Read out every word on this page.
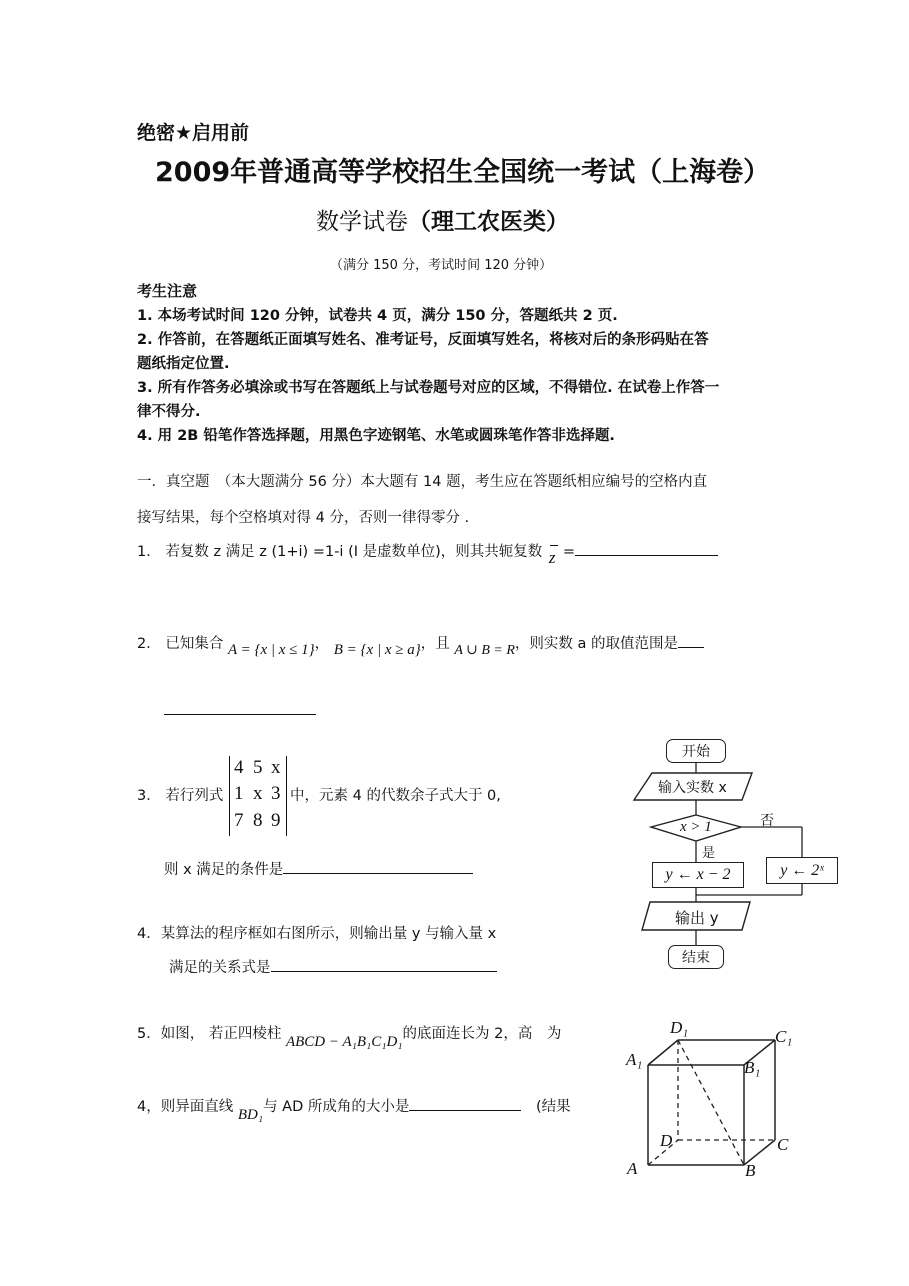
绝密★启用前
2009年普通高等学校招生全国统一考试（上海卷）
数学试卷（理工农医类）
（满分 150 分，考试时间 120 分钟）
考生注意
1. 本场考试时间 120 分钟，试卷共 4 页，满分 150 分，答题纸共 2 页.
2. 作答前，在答题纸正面填写姓名、准考证号，反面填写姓名，将核对后的条形码贴在答
题纸指定位置.
3. 所有作答务必填涂或书写在答题纸上与试卷题号对应的区域，不得错位. 在试卷上作答一
律不得分.
4. 用 2B 铅笔作答选择题，用黑色字迹钢笔、水笔或圆珠笔作答非选择题.
一．真空题　（本大题满分 56 分）本大题有 14 题，考生应在答题纸相应编号的空格内直
接写结果，每个空格填对得 4 分，否则一律得零分 .
1． 若复数 z 满足 z (1+i) =1-i (I 是虚数单位)，则其共轭复数 z =
2． 已知集合 A = {x | x ≤ 1}， B = {x | x ≥ a}，且 A ∪ B = R，则实数 a 的取值范围是
3． 若行列式
4 5 x
1 x 3
7 8 9
中，元素 4 的代数余子式大于 0,
则 x 满足的条件是
4．某算法的程序框如右图所示，则输出量 y 与输入量 x
满足的关系式是
5．如图， 若正四棱柱 ABCD − A₁B₁C₁D₁的底面连长为 2，高　为
4，则异面直线 BD₁与 AD 所成角的大小是	(结果
开始
输入实数 x
x > 1	否
是
y ← x − 2	y ← 2ˣ
输出 y
结束
D₁	C₁
A₁	B₁
D	C
A	B
